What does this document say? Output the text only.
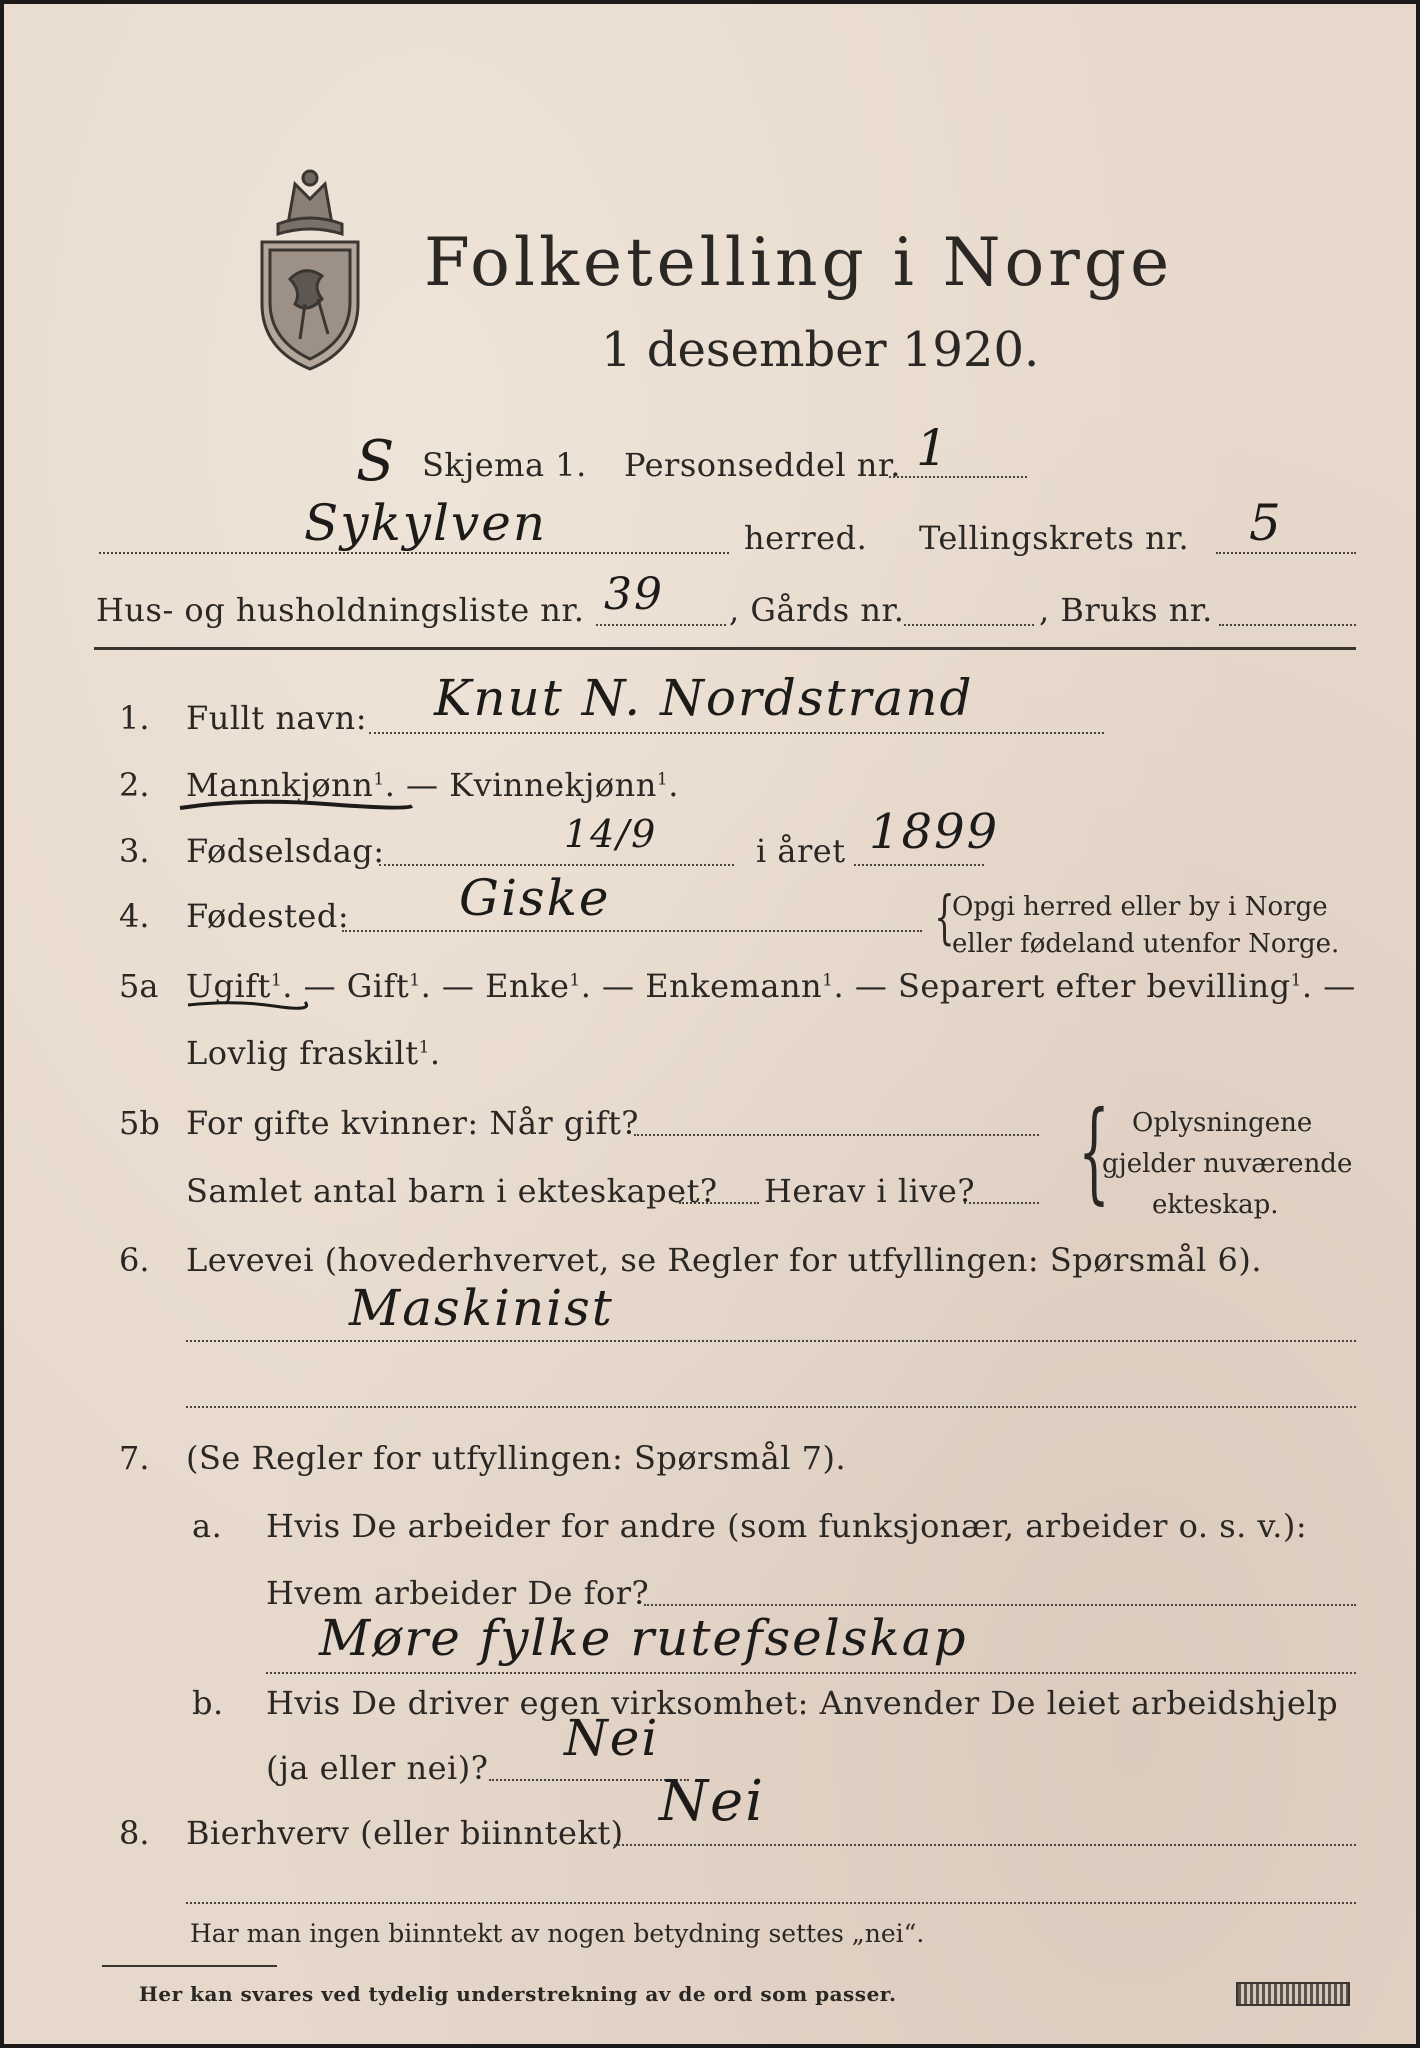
Folketelling i Norge
1 desember 1920.
S Skjema 1. Personseddel nr. 1
Sykylven	herred. Tellingskrets nr. 5
Hus- og husholdningsliste nr. 39 , Gårds nr.	, Bruks nr.
1. Fullt navn: Knut N. Nordstrand
2. Mannkjønn$^1$. — Kvinnekjønn$^1$.
3. Fødselsdag:	14/9	i året 1899
4. Fødested: Giske	{
Opgi herred eller by i Norge
eller fødeland utenfor Norge.
5a Ugift$^1$. — Gift$^1$. — Enke$^1$. — Enkemann$^1$. — Separert efter bevilling$^1$. —
Lovlig fraskilt$^1$.
5b For gifte kvinner: Når gift?
Samlet antal barn i ekteskapet? Herav i live? { Oplysningene
gjelder nuværende
ekteskap.
6. Levevei (hovederhvervet, se Regler for utfyllingen: Spørsmål 6).
Maskinist
7. (Se Regler for utfyllingen: Spørsmål 7).
a. Hvis De arbeider for andre (som funksjonær, arbeider o. s. v.):
Hvem arbeider De for?
Møre fylke rutefselskap
b. Hvis De driver egen virksomhet: Anvender De leiet arbeidshjelp
(ja eller nei)?
Nei
8. Bierhverv (eller biinntekt) Nei
Har man ingen biinntekt av nogen betydning settes „nei“.
Her kan svares ved tydelig understrekning av de ord som passer.
